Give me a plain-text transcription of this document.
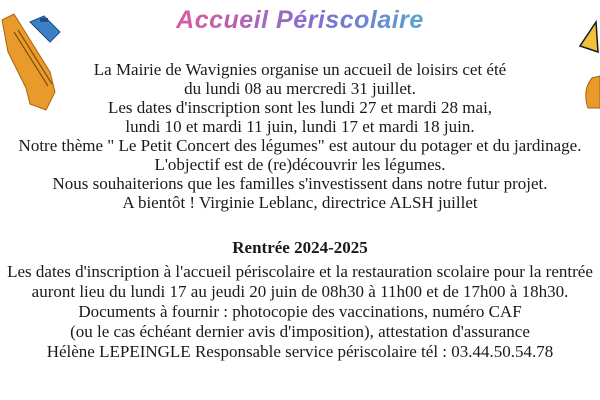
Accueil Périscolaire
La Mairie de Wavignies organise un accueil de loisirs cet été
du lundi 08 au mercredi 31 juillet.
Les dates d'inscription sont les lundi 27 et mardi 28 mai,
lundi 10 et mardi 11 juin, lundi 17 et mardi 18 juin.
Notre thème " Le Petit Concert des légumes" est autour du potager et du jardinage.
L'objectif est de (re)découvrir les légumes.
Nous souhaiterions que les familles s'investissent dans notre futur projet.
A bientôt ! Virginie Leblanc, directrice ALSH juillet
Rentrée 2024-2025
Les dates d'inscription à l'accueil périscolaire et la restauration scolaire pour la rentrée
auront lieu du lundi 17 au jeudi 20 juin de 08h30 à 11h00 et de 17h00 à 18h30.
Documents à fournir : photocopie des vaccinations, numéro CAF
(ou le cas échéant dernier avis d'imposition), attestation d'assurance
Hélène LEPEINGLE Responsable service périscolaire tél : 03.44.50.54.78
